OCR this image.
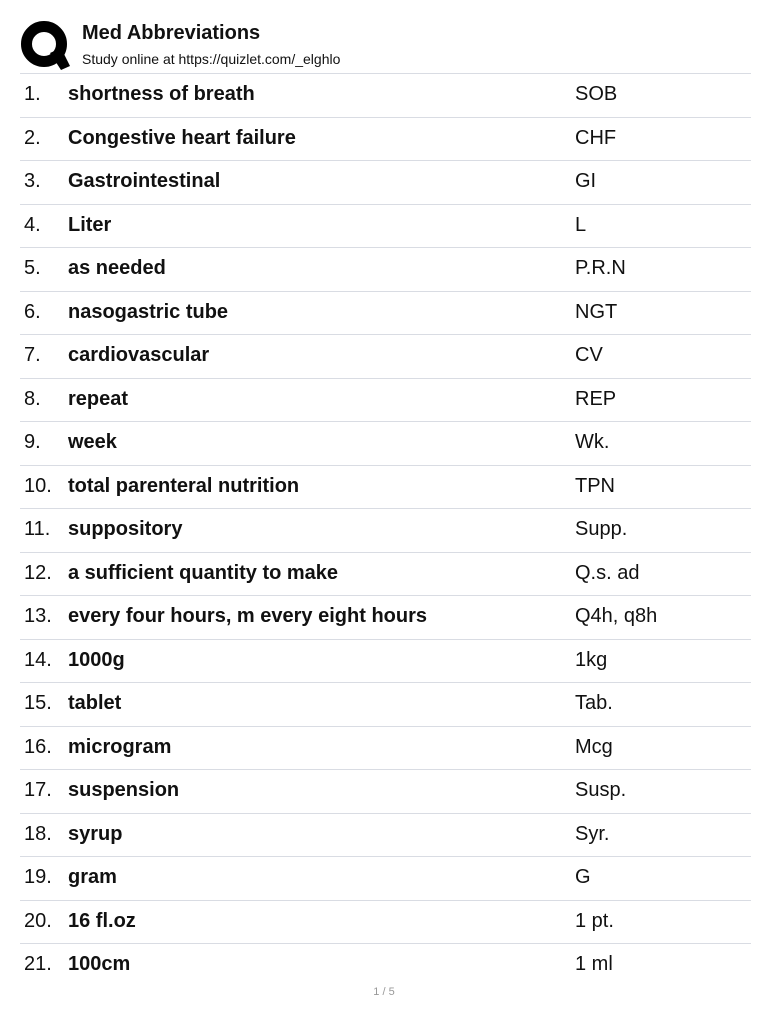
Med Abbreviations
Study online at https://quizlet.com/_elghlo
1. shortness of breath	SOB
2. Congestive heart failure	CHF
3. Gastrointestinal	GI
4. Liter	L
5. as needed	P.R.N
6. nasogastric tube	NGT
7. cardiovascular	CV
8. repeat	REP
9. week	Wk.
10. total parenteral nutrition	TPN
11. suppository	Supp.
12. a sufficient quantity to make	Q.s. ad
13. every four hours, m every eight hours	Q4h, q8h
14. 1000g	1kg
15. tablet	Tab.
16. microgram	Mcg
17. suspension	Susp.
18. syrup	Syr.
19. gram	G
20. 16 fl.oz	1 pt.
21. 100cm	1 ml
1 / 5
